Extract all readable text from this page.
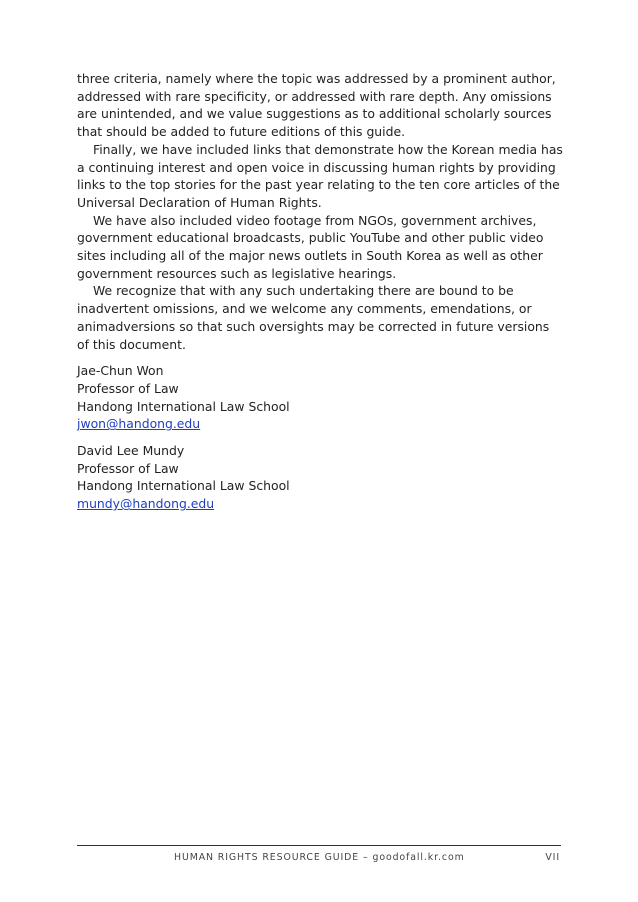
three criteria, namely where the topic was addressed by a prominent author, addressed with rare specificity, or addressed with rare depth. Any omissions are unintended, and we value suggestions as to additional scholarly sources that should be added to future editions of this guide.

Finally, we have included links that demonstrate how the Korean media has a continuing interest and open voice in discussing human rights by providing links to the top stories for the past year relating to the ten core articles of the Universal Declaration of Human Rights.

We have also included video footage from NGOs, government archives, government educational broadcasts, public YouTube and other public video sites including all of the major news outlets in South Korea as well as other government resources such as legislative hearings.

We recognize that with any such undertaking there are bound to be inadvertent omissions, and we welcome any comments, emendations, or animadversions so that such oversights may be corrected in future versions of this document.

Jae-Chun Won
Professor of Law
Handong International Law School
jwon@handong.edu
David Lee Mundy
Professor of Law
Handong International Law School
mundy@handong.edu
HUMAN RIGHTS RESOURCE GUIDE – goodofall.kr.com	VII
